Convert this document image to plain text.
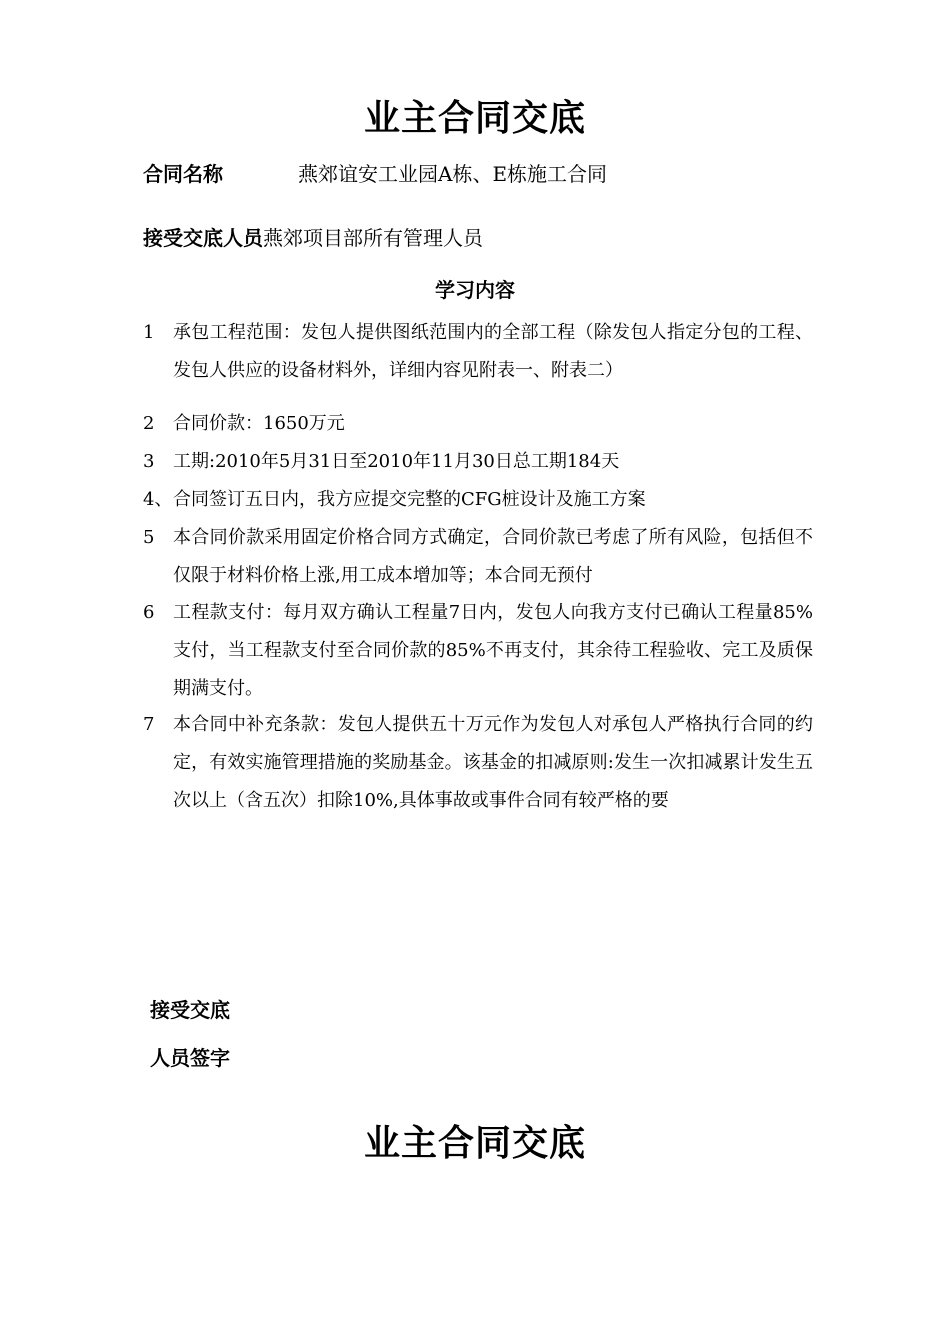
业主合同交底
合同名称	燕郊谊安工业园A栋、E栋施工合同
接受交底人员燕郊项目部所有管理人员
学习内容
1 承包工程范围：发包人提供图纸范围内的全部工程（除发包人指定分包的工程、发包人供应的设备材料外，详细内容见附表一、附表二）
2 合同价款：1650万元
3 工期:2010年5月31日至2010年11月30日总工期184天
4、 合同签订五日内，我方应提交完整的CFG桩设计及施工方案
5 本合同价款采用固定价格合同方式确定，合同价款已考虑了所有风险，包括但不仅限于材料价格上涨,用工成本增加等；本合同无预付
6 工程款支付：每月双方确认工程量7日内，发包人向我方支付已确认工程量85%支付，当工程款支付至合同价款的85%不再支付，其余待工程验收、完工及质保期满支付。
7 本合同中补充条款：发包人提供五十万元作为发包人对承包人严格执行合同的约定，有效实施管理措施的奖励基金。该基金的扣减原则:发生一次扣减累计发生五次以上（含五次）扣除10%,具体事故或事件合同有较严格的要
接受交底
人员签字
业主合同交底
